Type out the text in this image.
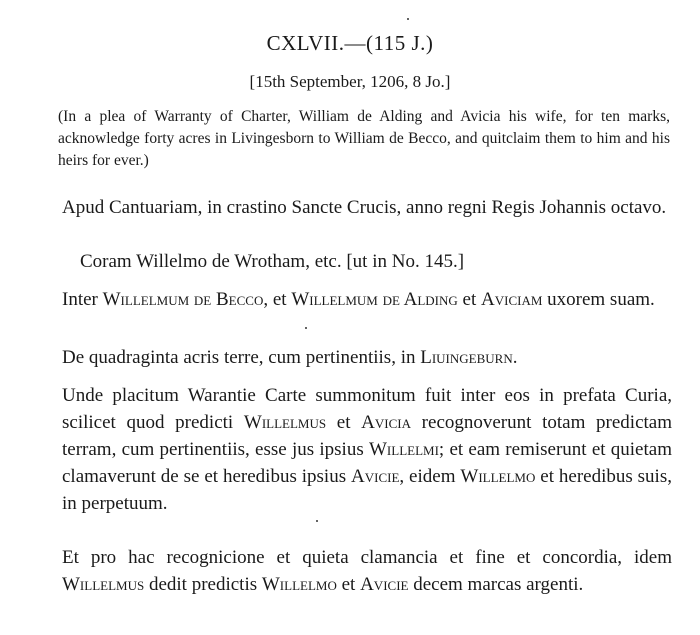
CXLVII.—(115 J.)
[15th September, 1206, 8 Jo.]
(In a plea of Warranty of Charter, William de Alding and Avicia his wife, for ten marks, acknowledge forty acres in Livingesborn to William de Becco, and quitclaim them to him and his heirs for ever.)
Apud Cantuariam, in crastino Sancte Crucis, anno regni Regis Johannis octavo.
Coram Willelmo de Wrotham, etc. [ut in No. 145.]
Inter Willelmum de Becco, et Willelmum de Alding et Aviciam uxorem suam.
De quadraginta acris terre, cum pertinentiis, in Liuingeburn.
Unde placitum Warantie Carte summonitum fuit inter eos in prefata Curia, scilicet quod predicti Willelmus et Avicia recognoverunt totam predictam terram, cum pertinentiis, esse jus ipsius Willelmi; et eam remiserunt et quietam clamaverunt de se et heredibus ipsius Avicie, eidem Willelmo et heredibus suis, in perpetuum.
Et pro hac recognicione et quieta clamancia et fine et concordia, idem Willelmus dedit predictis Willelmo et Avicie decem marcas argenti.
